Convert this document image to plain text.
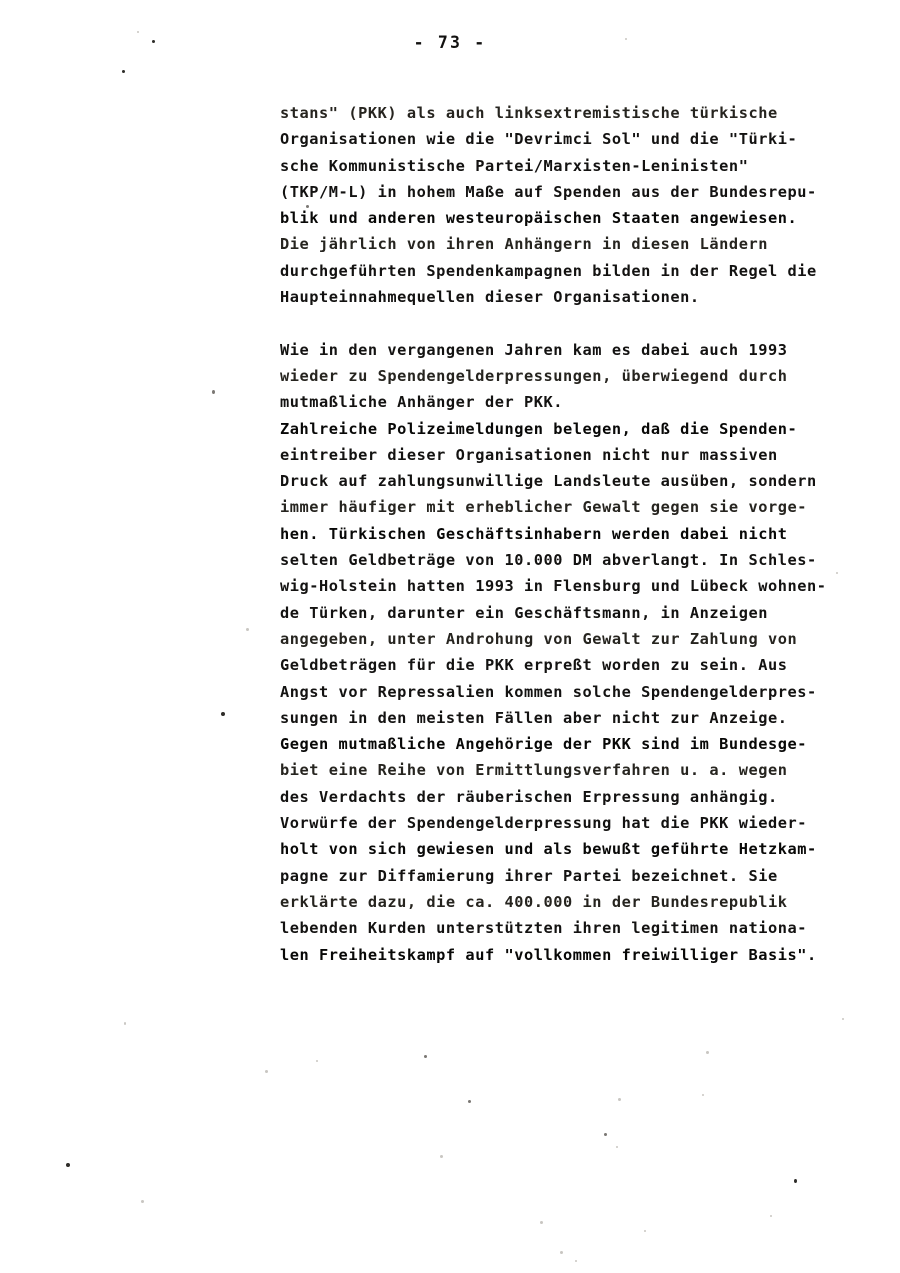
- 73 -

stans" (PKK) als auch linksextremistische türkische
Organisationen wie die "Devrimci Sol" und die "Türki-
sche Kommunistische Partei/Marxisten-Leninisten"
(TKP/M-L) in hohem Maße auf Spenden aus der Bundesrepu-
blik und anderen westeuropäischen Staaten angewiesen.
Die jährlich von ihren Anhängern in diesen Ländern
durchgeführten Spendenkampagnen bilden in der Regel die
Haupteinnahmequellen dieser Organisationen.

Wie in den vergangenen Jahren kam es dabei auch 1993
wieder zu Spendengelderpressungen, überwiegend durch
mutmaßliche Anhänger der PKK.
Zahlreiche Polizeimeldungen belegen, daß die Spenden-
eintreiber dieser Organisationen nicht nur massiven
Druck auf zahlungsunwillige Landsleute ausüben, sondern
immer häufiger mit erheblicher Gewalt gegen sie vorge-
hen. Türkischen Geschäftsinhabern werden dabei nicht
selten Geldbeträge von 10.000 DM abverlangt. In Schles-
wig-Holstein hatten 1993 in Flensburg und Lübeck wohnen-
de Türken, darunter ein Geschäftsmann, in Anzeigen
angegeben, unter Androhung von Gewalt zur Zahlung von
Geldbeträgen für die PKK erpreßt worden zu sein. Aus
Angst vor Repressalien kommen solche Spendengelderpres-
sungen in den meisten Fällen aber nicht zur Anzeige.
Gegen mutmaßliche Angehörige der PKK sind im Bundesge-
biet eine Reihe von Ermittlungsverfahren u. a. wegen
des Verdachts der räuberischen Erpressung anhängig.
Vorwürfe der Spendengelderpressung hat die PKK wieder-
holt von sich gewiesen und als bewußt geführte Hetzkam-
pagne zur Diffamierung ihrer Partei bezeichnet. Sie
erklärte dazu, die ca. 400.000 in der Bundesrepublik
lebenden Kurden unterstützten ihren legitimen nationa-
len Freiheitskampf auf "vollkommen freiwilliger Basis".
